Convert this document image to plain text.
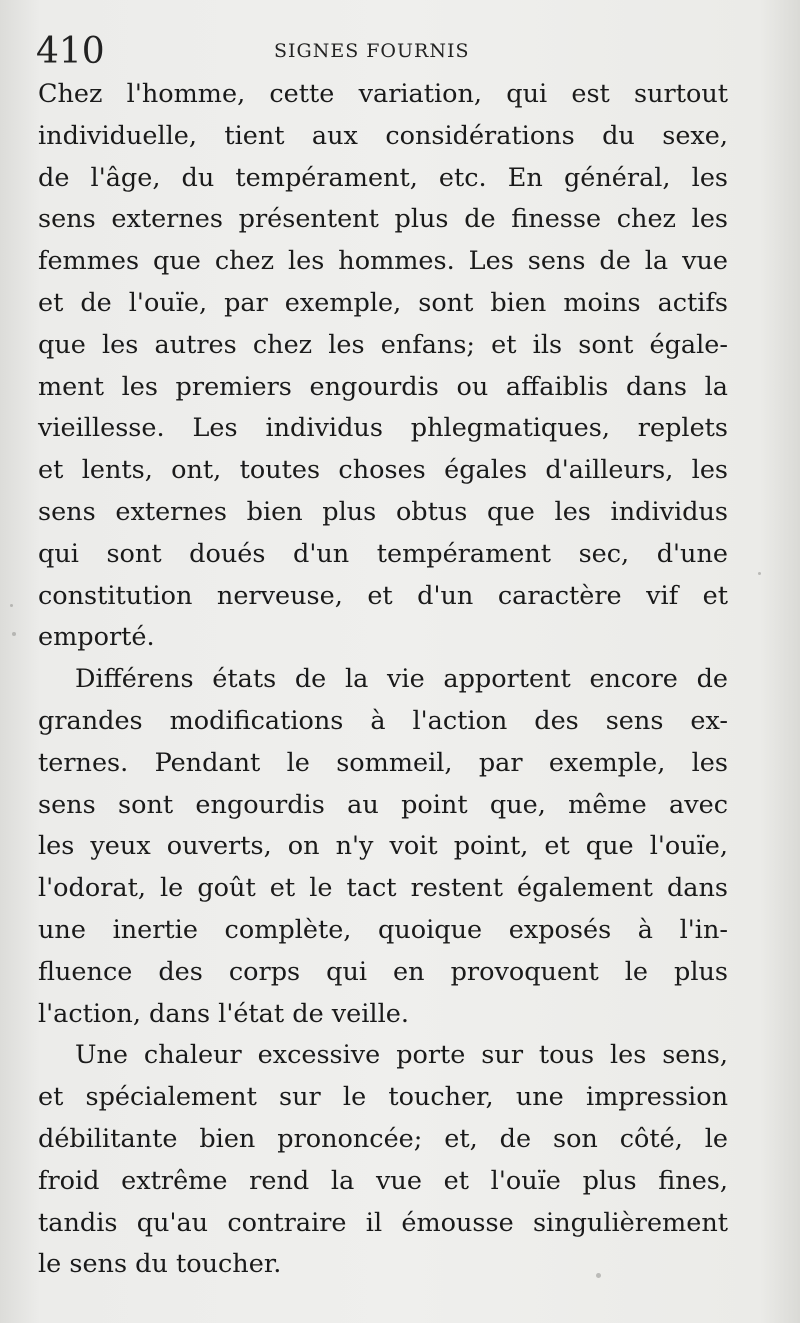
410	SIGNES FOURNIS
Chez l'homme, cette variation, qui est surtout
individuelle, tient aux considérations du sexe,
de l'âge, du tempérament, etc. En général, les
sens externes présentent plus de finesse chez les
femmes que chez les hommes. Les sens de la vue
et de l'ouïe, par exemple, sont bien moins actifs
que les autres chez les enfans; et ils sont égale-
ment les premiers engourdis ou affaiblis dans la
vieillesse. Les individus phlegmatiques, replets
et lents, ont, toutes choses égales d'ailleurs, les
sens externes bien plus obtus que les individus
qui sont doués d'un tempérament sec, d'une
constitution nerveuse, et d'un caractère vif et
emporté.
Différens états de la vie apportent encore de
grandes modifications à l'action des sens ex-
ternes. Pendant le sommeil, par exemple, les
sens sont engourdis au point que, même avec
les yeux ouverts, on n'y voit point, et que l'ouïe,
l'odorat, le goût et le tact restent également dans
une inertie complète, quoique exposés à l'in-
fluence des corps qui en provoquent le plus
l'action, dans l'état de veille.
Une chaleur excessive porte sur tous les sens,
et spécialement sur le toucher, une impression
débilitante bien prononcée; et, de son côté, le
froid extrême rend la vue et l'ouïe plus fines,
tandis qu'au contraire il émousse singulièrement
le sens du toucher.
